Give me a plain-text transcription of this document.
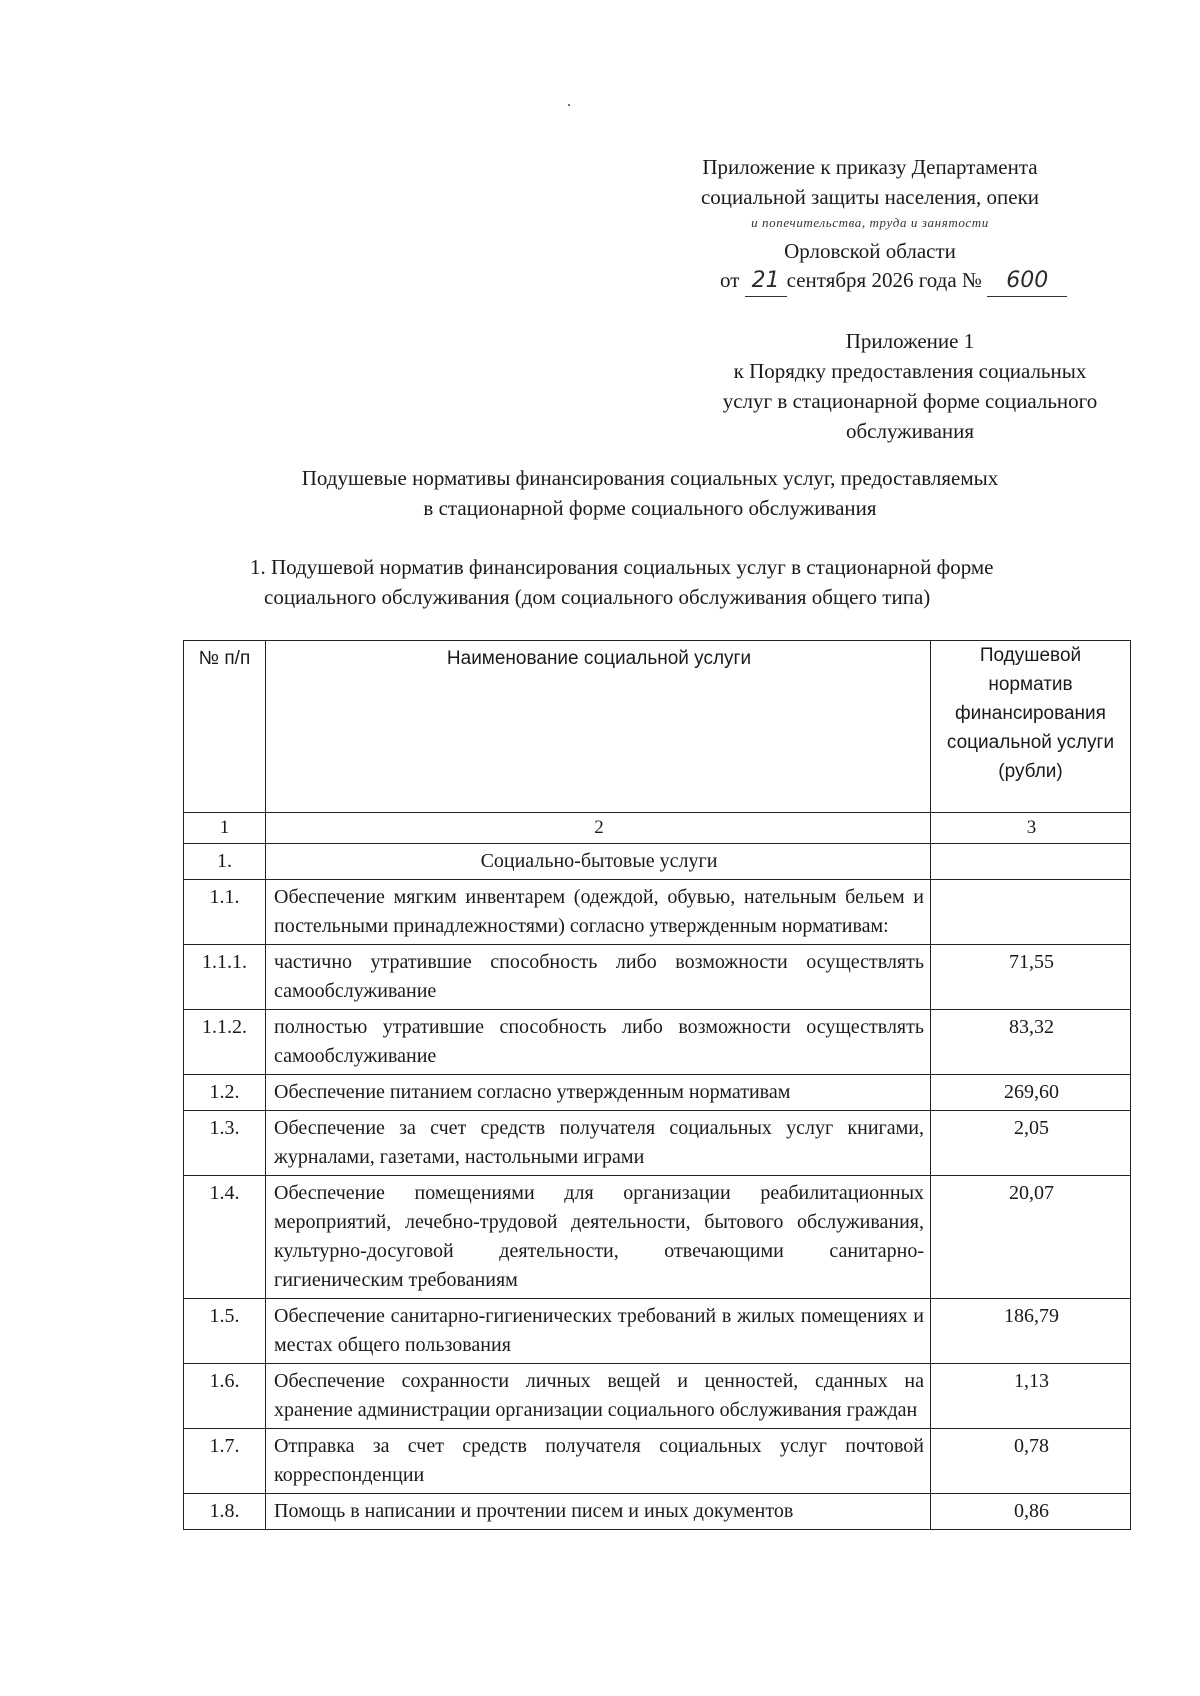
Приложение к приказу Департамента
социальной защиты населения, опеки
и попечительства, труда и занятости
Орловской области
от 21 сентября 2026 года № 600
Приложение 1
к Порядку предоставления социальных
услуг в стационарной форме социального
обслуживания
Подушевые нормативы финансирования социальных услуг, предоставляемых
в стационарной форме социального обслуживания
1. Подушевой норматив финансирования социальных услуг в стационарной форме
социального обслуживания (дом социального обслуживания общего типа)
№ п/п	Наименование социальной услуги	Подушевой норматив финансирования социальной услуги (рубли)
1	2	3
1.	Социально-бытовые услуги	
1.1.	Обеспечение мягким инвентарем (одеждой, обувью, нательным бельем и постельными принадлежностями) согласно утвержденным нормативам:	
1.1.1.	частично утратившие способность либо возможности осуществлять самообслуживание	71,55
1.1.2.	полностью утратившие способность либо возможности осуществлять самообслуживание	83,32
1.2.	Обеспечение питанием согласно утвержденным нормативам	269,60
1.3.	Обеспечение за счет средств получателя социальных услуг книгами, журналами, газетами, настольными играми	2,05
1.4.	Обеспечение помещениями для организации реабилитационных мероприятий, лечебно-трудовой деятельности, бытового обслуживания, культурно-досуговой деятельности, отвечающими санитарно-гигиеническим требованиям	20,07
1.5.	Обеспечение санитарно-гигиенических требований в жилых помещениях и местах общего пользования	186,79
1.6.	Обеспечение сохранности личных вещей и ценностей, сданных на хранение администрации организации социального обслуживания граждан	1,13
1.7.	Отправка за счет средств получателя социальных услуг почтовой корреспонденции	0,78
1.8.	Помощь в написании и прочтении писем и иных документов	0,86
